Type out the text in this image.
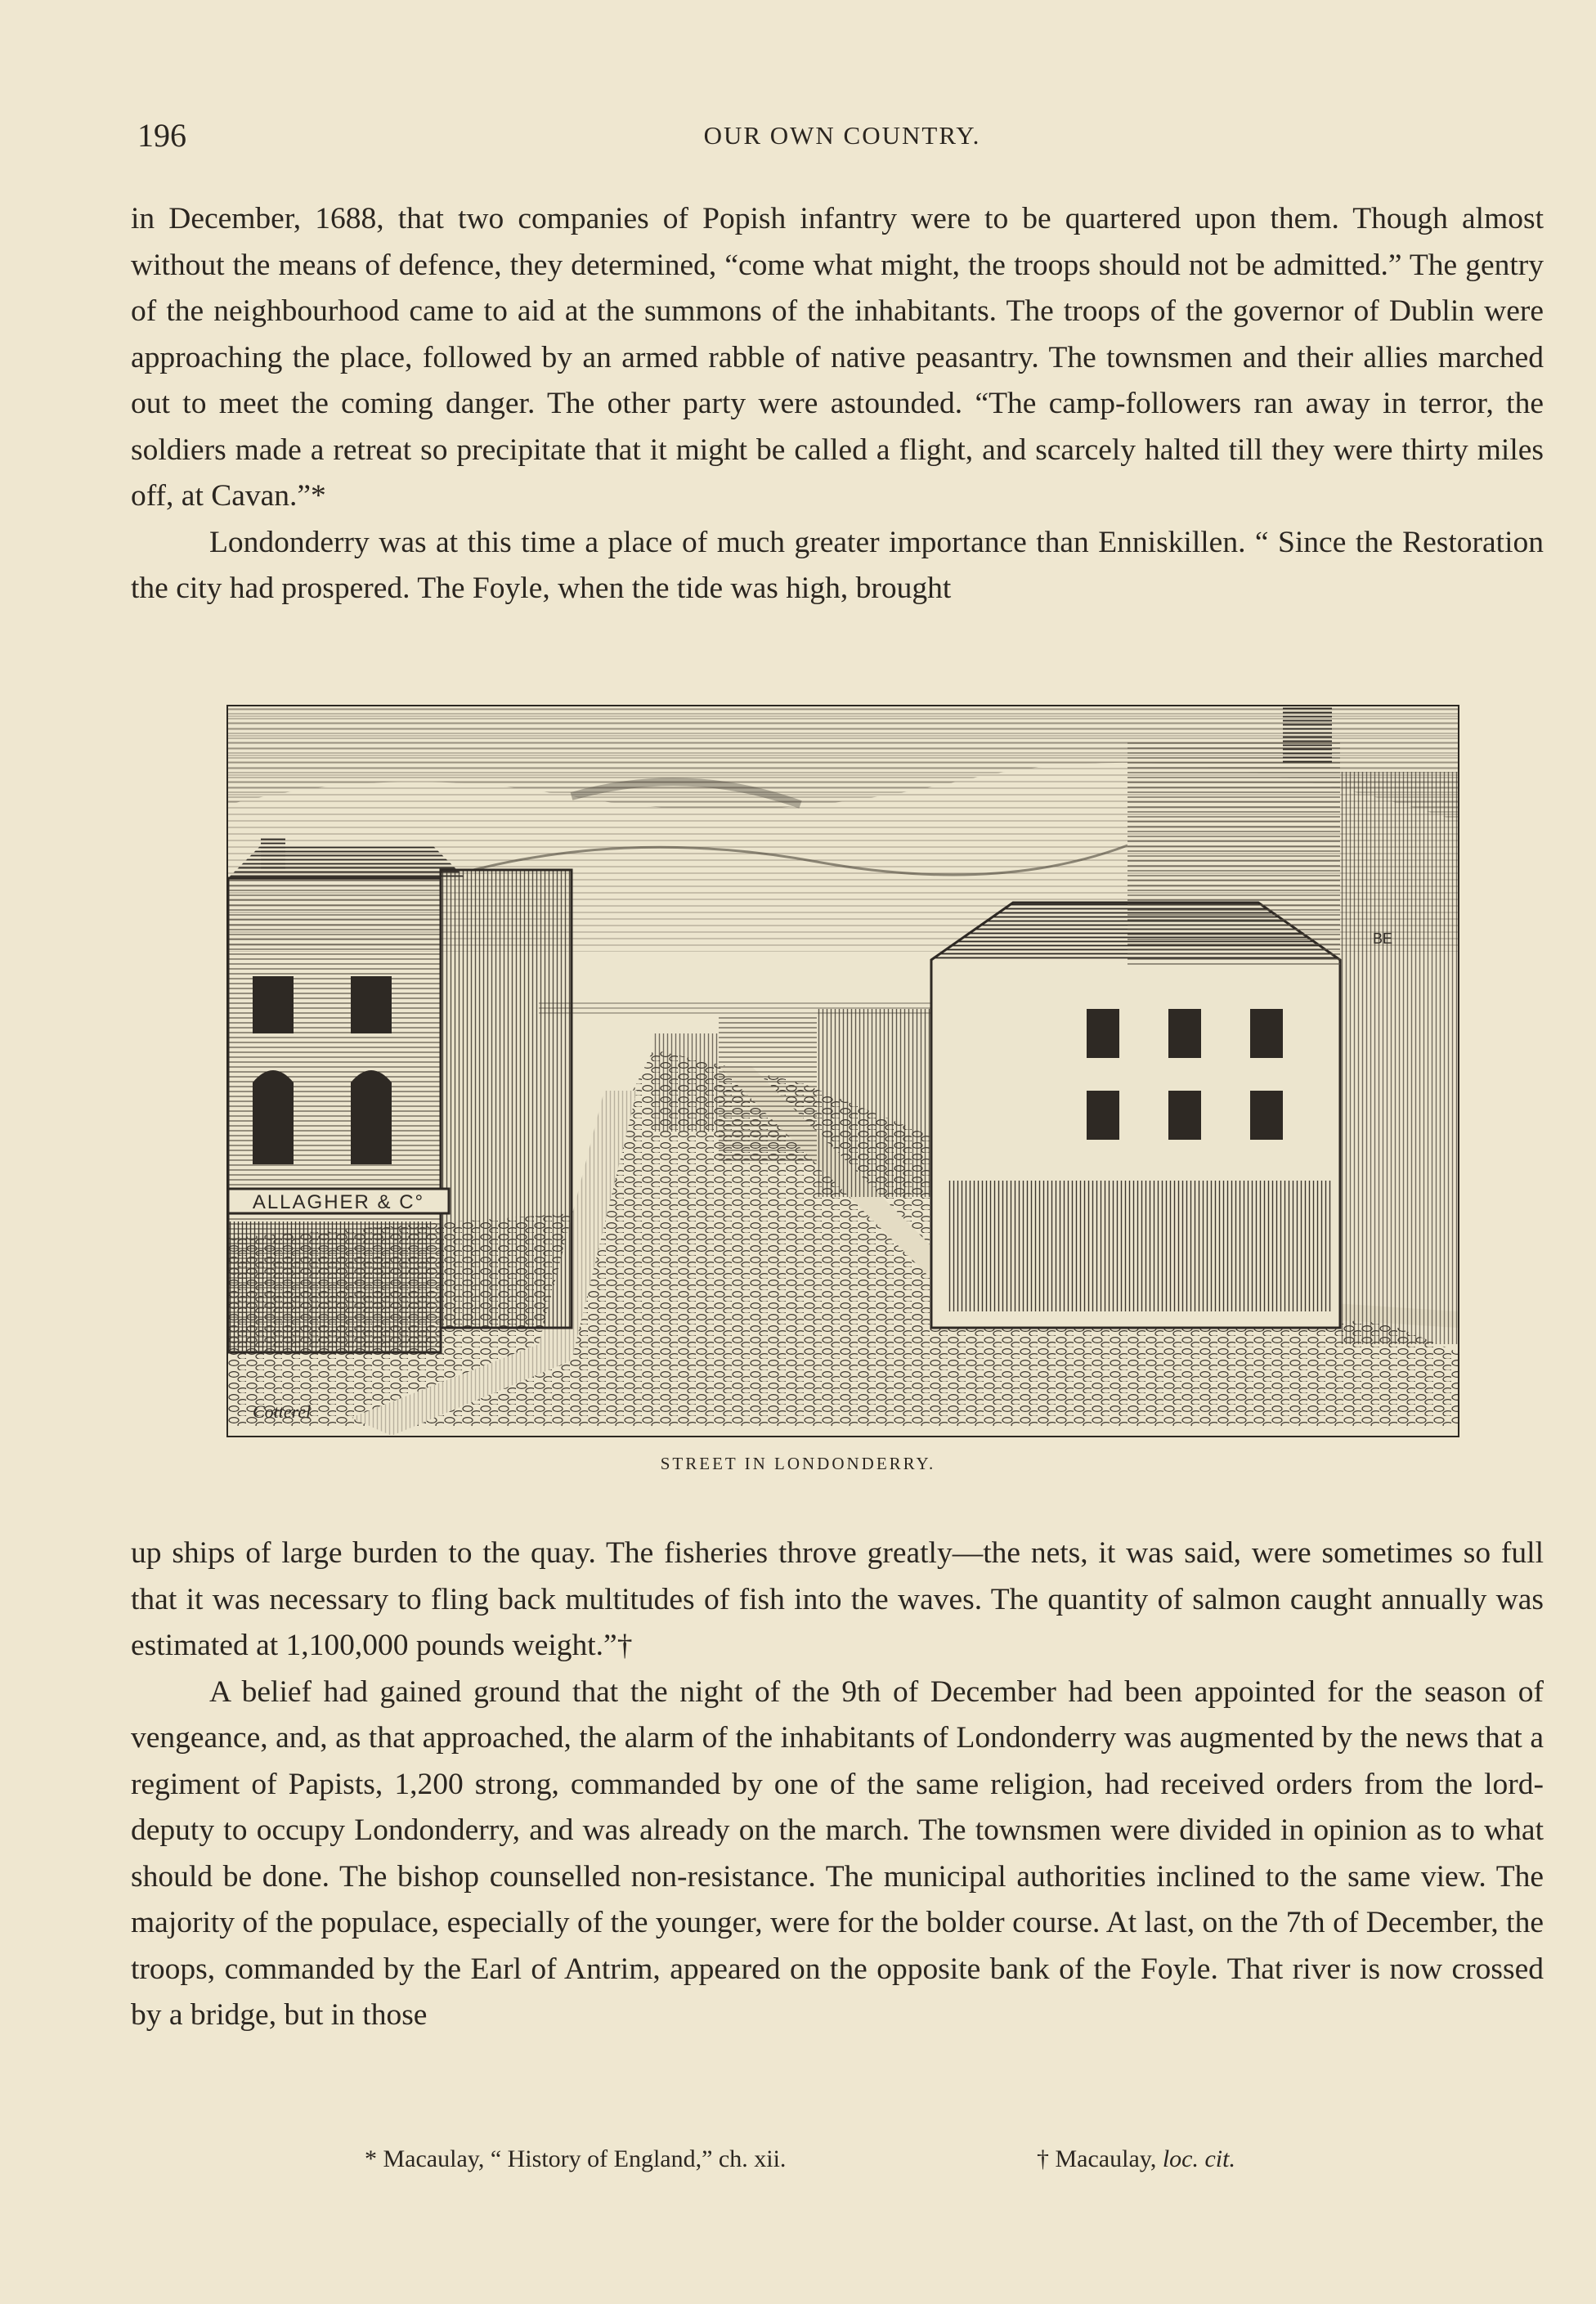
196	OUR OWN COUNTRY.

in December, 1688, that two companies of Popish infantry were to be quartered upon them. Though almost without the means of defence, they determined, “come what might, the troops should not be admitted.” The gentry of the neighbourhood came to aid at the summons of the inhabitants. The troops of the governor of Dublin were approaching the place, followed by an armed rabble of native peasantry. The townsmen and their allies marched out to meet the coming danger. The other party were astounded. “The camp-followers ran away in terror, the soldiers made a retreat so precipitate that it might be called a flight, and scarcely halted till they were thirty miles off, at Cavan.”*

Londonderry was at this time a place of much greater importance than Enniskillen. “ Since the Restoration the city had prospered. The Foyle, when the tide was high, brought

ALLAGHER & C°
BE
Cotterel
STREET IN LONDONDERRY.

up ships of large burden to the quay. The fisheries throve greatly—the nets, it was said, were sometimes so full that it was necessary to fling back multitudes of fish into the waves. The quantity of salmon caught annually was estimated at 1,100,000 pounds weight.”†

A belief had gained ground that the night of the 9th of December had been appointed for the season of vengeance, and, as that approached, the alarm of the inhabitants of Londonderry was augmented by the news that a regiment of Papists, 1,200 strong, commanded by one of the same religion, had received orders from the lord-deputy to occupy Londonderry, and was already on the march. The townsmen were divided in opinion as to what should be done. The bishop counselled non-resistance. The municipal authorities inclined to the same view. The majority of the populace, especially of the younger, were for the bolder course. At last, on the 7th of December, the troops, commanded by the Earl of Antrim, appeared on the opposite bank of the Foyle. That river is now crossed by a bridge, but in those

* Macaulay, “ History of England,” ch. xii.	† Macaulay, loc. cit.
